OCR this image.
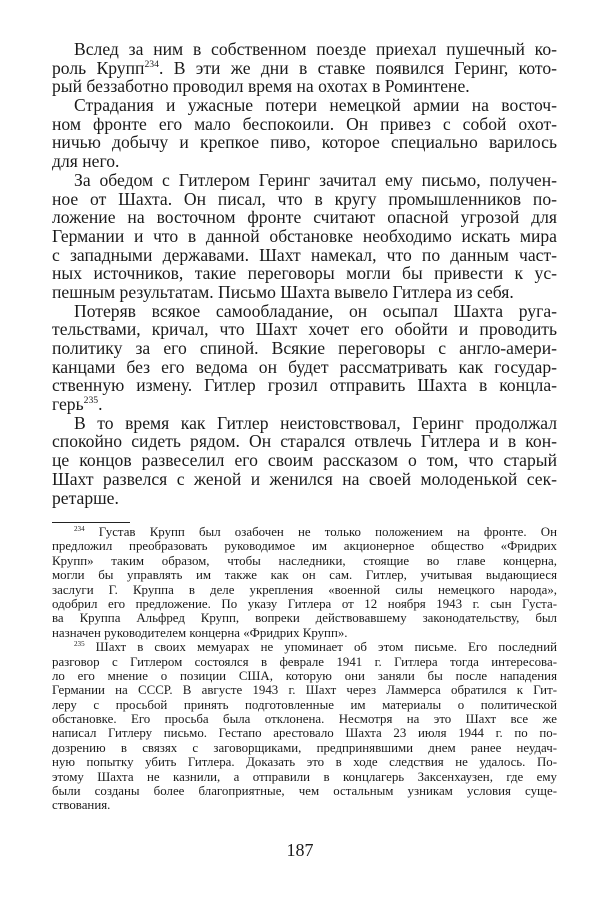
Вслед за ним в собственном поезде приехал пушечный ко-
роль Крупп$^{234}$. В эти же дни в ставке появился Геринг, кото-
рый беззаботно проводил время на охотах в Роминтене.
Страдания и ужасные потери немецкой армии на восточ-
ном фронте его мало беспокоили. Он привез с собой охот-
ничью добычу и крепкое пиво, которое специально варилось
для него.
За обедом с Гитлером Геринг зачитал ему письмо, получен-
ное от Шахта. Он писал, что в кругу промышленников по-
ложение на восточном фронте считают опасной угрозой для
Германии и что в данной обстановке необходимо искать мира
с западными державами. Шахт намекал, что по данным част-
ных источников, такие переговоры могли бы привести к ус-
пешным результатам. Письмо Шахта вывело Гитлера из себя.
Потеряв всякое самообладание, он осыпал Шахта руга-
тельствами, кричал, что Шахт хочет его обойти и проводить
политику за его спиной. Всякие переговоры с англо-амери-
канцами без его ведома он будет рассматривать как государ-
ственную измену. Гитлер грозил отправить Шахта в концла-
герь$^{235}$.
В то время как Гитлер неистовствовал, Геринг продолжал
спокойно сидеть рядом. Он старался отвлечь Гитлера и в кон-
це концов развеселил его своим рассказом о том, что старый
Шахт развелся с женой и женился на своей молоденькой сек-
ретарше.
$^{234}$ Густав Крупп был озабочен не только положением на фронте. Он
предложил преобразовать руководимое им акционерное общество «Фридрих
Крупп» таким образом, чтобы наследники, стоящие во главе концерна,
могли бы управлять им также как он сам. Гитлер, учитывая выдающиеся
заслуги Г. Круппа в деле укрепления «военной силы немецкого народа»,
одобрил его предложение. По указу Гитлера от 12 ноября 1943 г. сын Густа-
ва Круппа Альфред Крупп, вопреки действовавшему законодательству, был
назначен руководителем концерна «Фридрих Крупп».
$^{235}$ Шахт в своих мемуарах не упоминает об этом письме. Его последний
разговор с Гитлером состоялся в феврале 1941 г. Гитлера тогда интересова-
ло его мнение о позиции США, которую они заняли бы после нападения
Германии на СССР. В августе 1943 г. Шахт через Ламмерса обратился к Гит-
леру с просьбой принять подготовленные им материалы о политической
обстановке. Его просьба была отклонена. Несмотря на это Шахт все же
написал Гитлеру письмо. Гестапо арестовало Шахта 23 июля 1944 г. по по-
дозрению в связях с заговорщиками, предпринявшими днем ранее неудач-
ную попытку убить Гитлера. Доказать это в ходе следствия не удалось. По-
этому Шахта не казнили, а отправили в концлагерь Заксенхаузен, где ему
были созданы более благоприятные, чем остальным узникам условия суще-
ствования.
187
